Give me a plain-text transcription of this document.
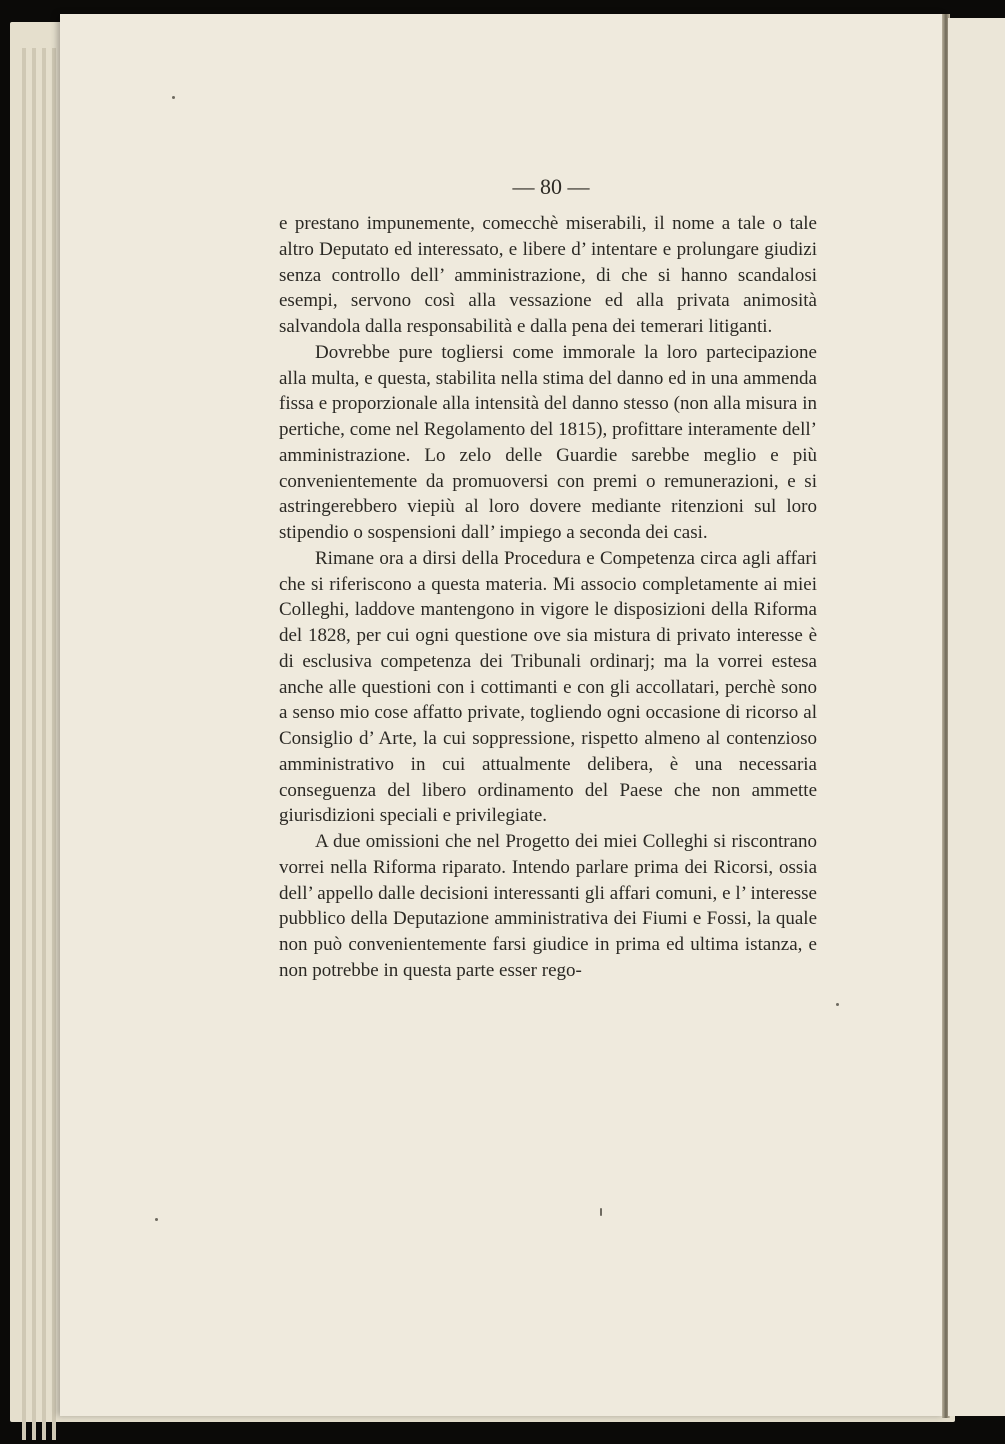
— 80 —

e prestano impunemente, comecchè miserabili, il nome a tale o tale altro Deputato ed interessato, e libere d’ intentare e prolungare giudizi senza controllo dell’ amministrazione, di che si hanno scandalosi esempi, servono così alla vessazione ed alla privata animosità salvandola dalla responsabilità e dalla pena dei temerari litiganti.

Dovrebbe pure togliersi come immorale la loro partecipazione alla multa, e questa, stabilita nella stima del danno ed in una ammenda fissa e proporzionale alla intensità del danno stesso (non alla misura in pertiche, come nel Regolamento del 1815), profittare interamente dell’ amministrazione. Lo zelo delle Guardie sarebbe meglio e più convenientemente da promuoversi con premi o remunerazioni, e si astringerebbero viepiù al loro dovere mediante ritenzioni sul loro stipendio o sospensioni dall’ impiego a seconda dei casi.

Rimane ora a dirsi della Procedura e Competenza circa agli affari che si riferiscono a questa materia. Mi associo completamente ai miei Colleghi, laddove mantengono in vigore le disposizioni della Riforma del 1828, per cui ogni questione ove sia mistura di privato interesse è di esclusiva competenza dei Tribunali ordinarj; ma la vorrei estesa anche alle questioni con i cottimanti e con gli accollatari, perchè sono a senso mio cose affatto private, togliendo ogni occasione di ricorso al Consiglio d’ Arte, la cui soppressione, rispetto almeno al contenzioso amministrativo in cui attualmente delibera, è una necessaria conseguenza del libero ordinamento del Paese che non ammette giurisdizioni speciali e privilegiate.

A due omissioni che nel Progetto dei miei Colleghi si riscontrano vorrei nella Riforma riparato. Intendo parlare prima dei Ricorsi, ossia dell’ appello dalle decisioni interessanti gli affari comuni, e l’ interesse pubblico della Deputazione amministrativa dei Fiumi e Fossi, la quale non può convenientemente farsi giudice in prima ed ultima istanza, e non potrebbe in questa parte esser rego-
